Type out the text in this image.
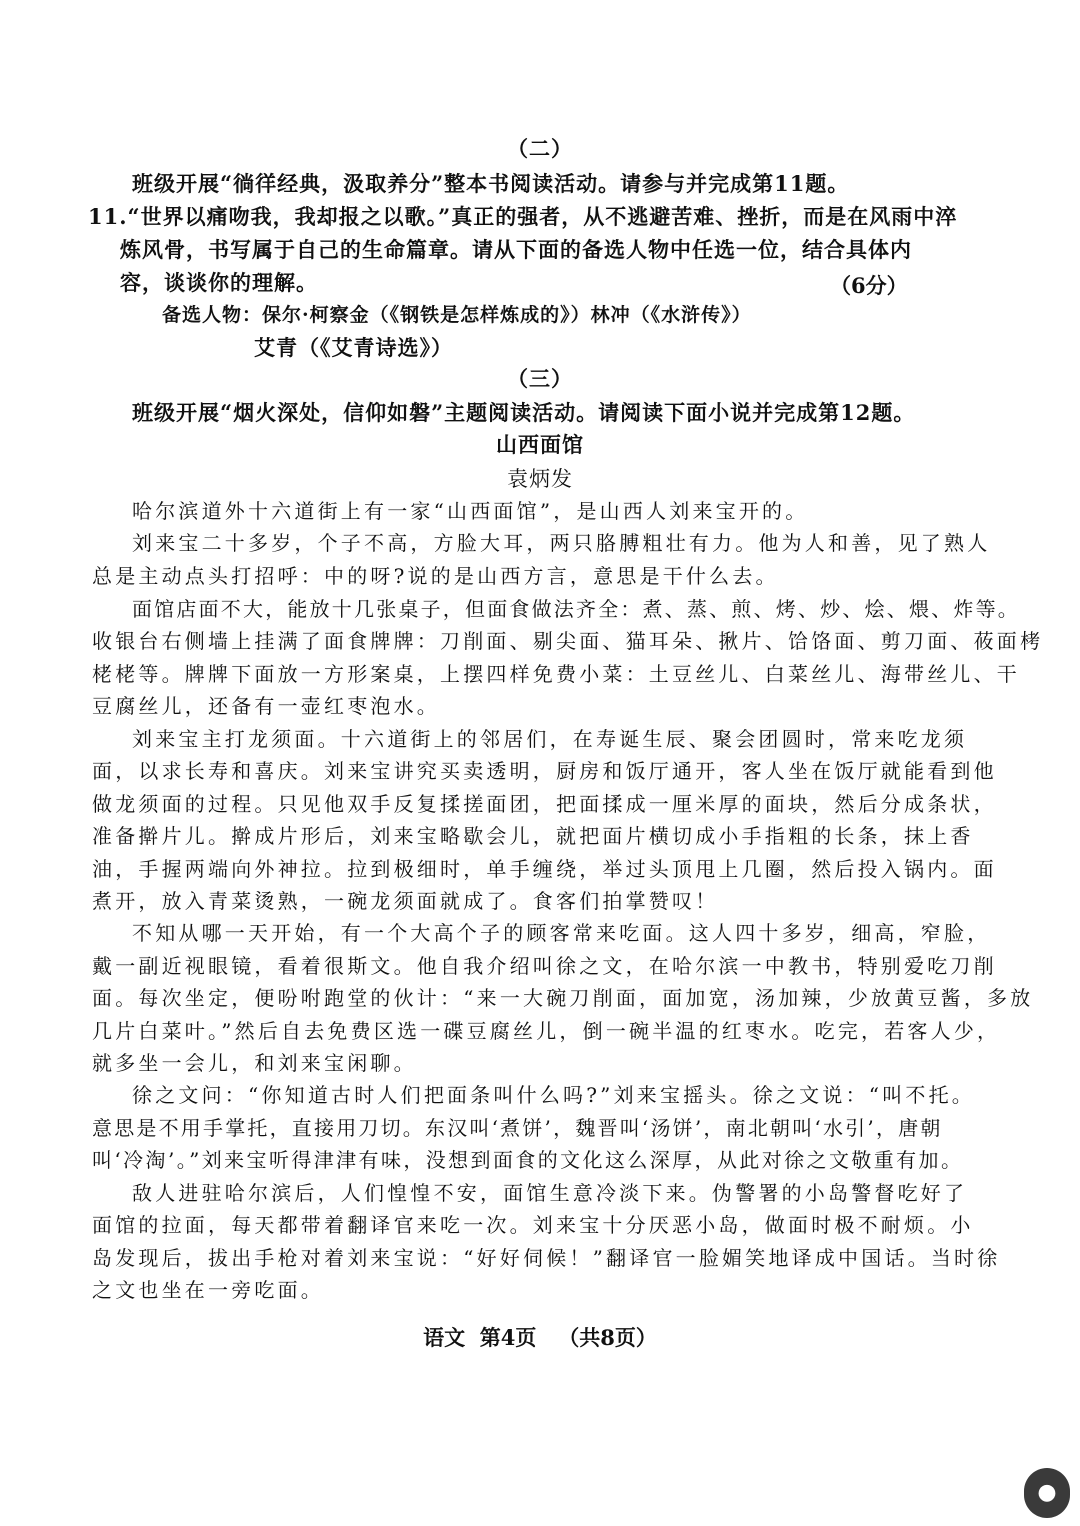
（二）
班级开展“徜徉经典，汲取养分”整本书阅读活动。请参与并完成第11题。
11.“世界以痛吻我，我却报之以歌。”真正的强者，从不逃避苦难、挫折，而是在风雨中淬
炼风骨，书写属于自己的生命篇章。请从下面的备选人物中任选一位，结合具体内
容，谈谈你的理解。	（6分）
备选人物：保尔·柯察金（《钢铁是怎样炼成的》）林冲（《水浒传》）
艾青（《艾青诗选》）
（三）
班级开展“烟火深处，信仰如磐”主题阅读活动。请阅读下面小说并完成第12题。
山西面馆
袁炳发
哈尔滨道外十六道街上有一家“山西面馆”，是山西人刘来宝开的。
刘来宝二十多岁，个子不高，方脸大耳，两只胳膊粗壮有力。他为人和善，见了熟人
总是主动点头打招呼：中的呀?说的是山西方言，意思是干什么去。
面馆店面不大，能放十几张桌子，但面食做法齐全：煮、蒸、煎、烤、炒、烩、煨、炸等。
收银台右侧墙上挂满了面食牌牌：刀削面、剔尖面、猫耳朵、揪片、饸饹面、剪刀面、莜面栲
栳栳等。牌牌下面放一方形案桌，上摆四样免费小菜：土豆丝儿、白菜丝儿、海带丝儿、干
豆腐丝儿，还备有一壶红枣泡水。
刘来宝主打龙须面。十六道街上的邻居们，在寿诞生辰、聚会团圆时，常来吃龙须
面，以求长寿和喜庆。刘来宝讲究买卖透明，厨房和饭厅通开，客人坐在饭厅就能看到他
做龙须面的过程。只见他双手反复揉搓面团，把面揉成一厘米厚的面块，然后分成条状，
准备擀片儿。擀成片形后，刘来宝略歇会儿，就把面片横切成小手指粗的长条，抹上香
油，手握两端向外神拉。拉到极细时，单手缠绕，举过头顶甩上几圈，然后投入锅内。面
煮开，放入青菜烫熟，一碗龙须面就成了。食客们拍掌赞叹！
不知从哪一天开始，有一个大高个子的顾客常来吃面。这人四十多岁，细高，窄脸，
戴一副近视眼镜，看着很斯文。他自我介绍叫徐之文，在哈尔滨一中教书，特别爱吃刀削
面。每次坐定，便吩咐跑堂的伙计：“来一大碗刀削面，面加宽，汤加辣，少放黄豆酱，多放
几片白菜叶。”然后自去免费区选一碟豆腐丝儿，倒一碗半温的红枣水。吃完，若客人少，
就多坐一会儿，和刘来宝闲聊。
徐之文问：“你知道古时人们把面条叫什么吗?”刘来宝摇头。徐之文说：“叫不托。
意思是不用手掌托，直接用刀切。东汉叫‘煮饼’，魏晋叫‘汤饼’，南北朝叫‘水引’，唐朝
叫‘冷淘’。”刘来宝听得津津有味，没想到面食的文化这么深厚，从此对徐之文敬重有加。
敌人进驻哈尔滨后，人们惶惶不安，面馆生意冷淡下来。伪警署的小岛警督吃好了
面馆的拉面，每天都带着翻译官来吃一次。刘来宝十分厌恶小岛，做面时极不耐烦。小
岛发现后，拔出手枪对着刘来宝说：“好好伺候！”翻译官一脸媚笑地译成中国话。当时徐
之文也坐在一旁吃面。
语文  第4页   （共8页）
●
